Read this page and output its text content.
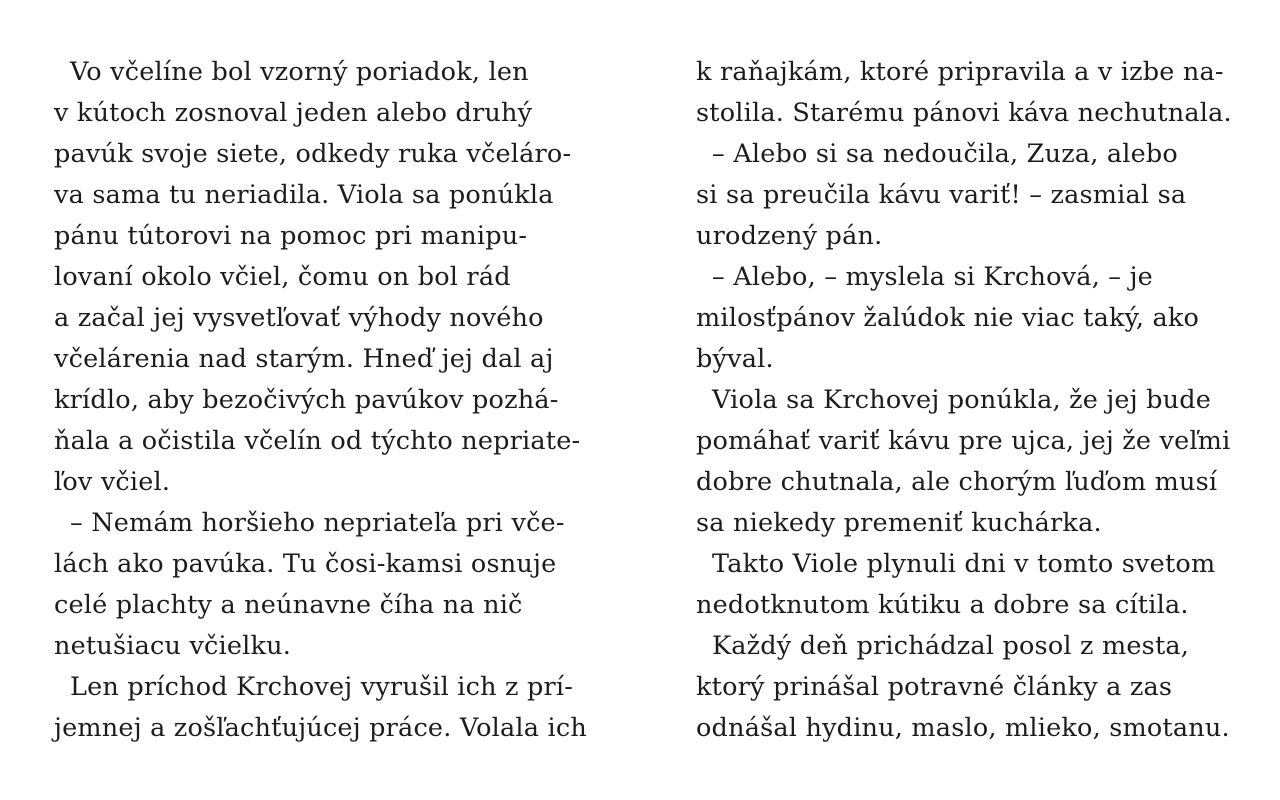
Vo včelíne bol vzorný poriadok, len
v kútoch zosnoval jeden alebo druhý
pavúk svoje siete, odkedy ruka včeláro-
va sama tu neriadila. Viola sa ponúkla
pánu tútorovi na pomoc pri manipu-
lovaní okolo včiel, čomu on bol rád
a začal jej vysvetľovať výhody nového
včelárenia nad starým. Hneď jej dal aj
krídlo, aby bezočivých pavúkov pozhá-
ňala a očistila včelín od týchto nepriate-
ľov včiel.
– Nemám horšieho nepriateľa pri vče-
lách ako pavúka. Tu čosi-kamsi osnuje
celé plachty a neúnavne číha na nič
netušiacu včielku.
Len príchod Krchovej vyrušil ich z prí-
jemnej a zošľachťujúcej práce. Volala ich
k raňajkám, ktoré pripravila a v izbe na-
stolila. Starému pánovi káva nechutnala.
– Alebo si sa nedoučila, Zuza, alebo
si sa preučila kávu variť! – zasmial sa
urodzený pán.
– Alebo, – myslela si Krchová, – je
milosťpánov žalúdok nie viac taký, ako
býval.
Viola sa Krchovej ponúkla, že jej bude
pomáhať variť kávu pre ujca, jej že veľmi
dobre chutnala, ale chorým ľuďom musí
sa niekedy premeniť kuchárka.
Takto Viole plynuli dni v tomto svetom
nedotknutom kútiku a dobre sa cítila.
Každý deň prichádzal posol z mesta,
ktorý prinášal potravné články a zas
odnášal hydinu, maslo, mlieko, smotanu.
